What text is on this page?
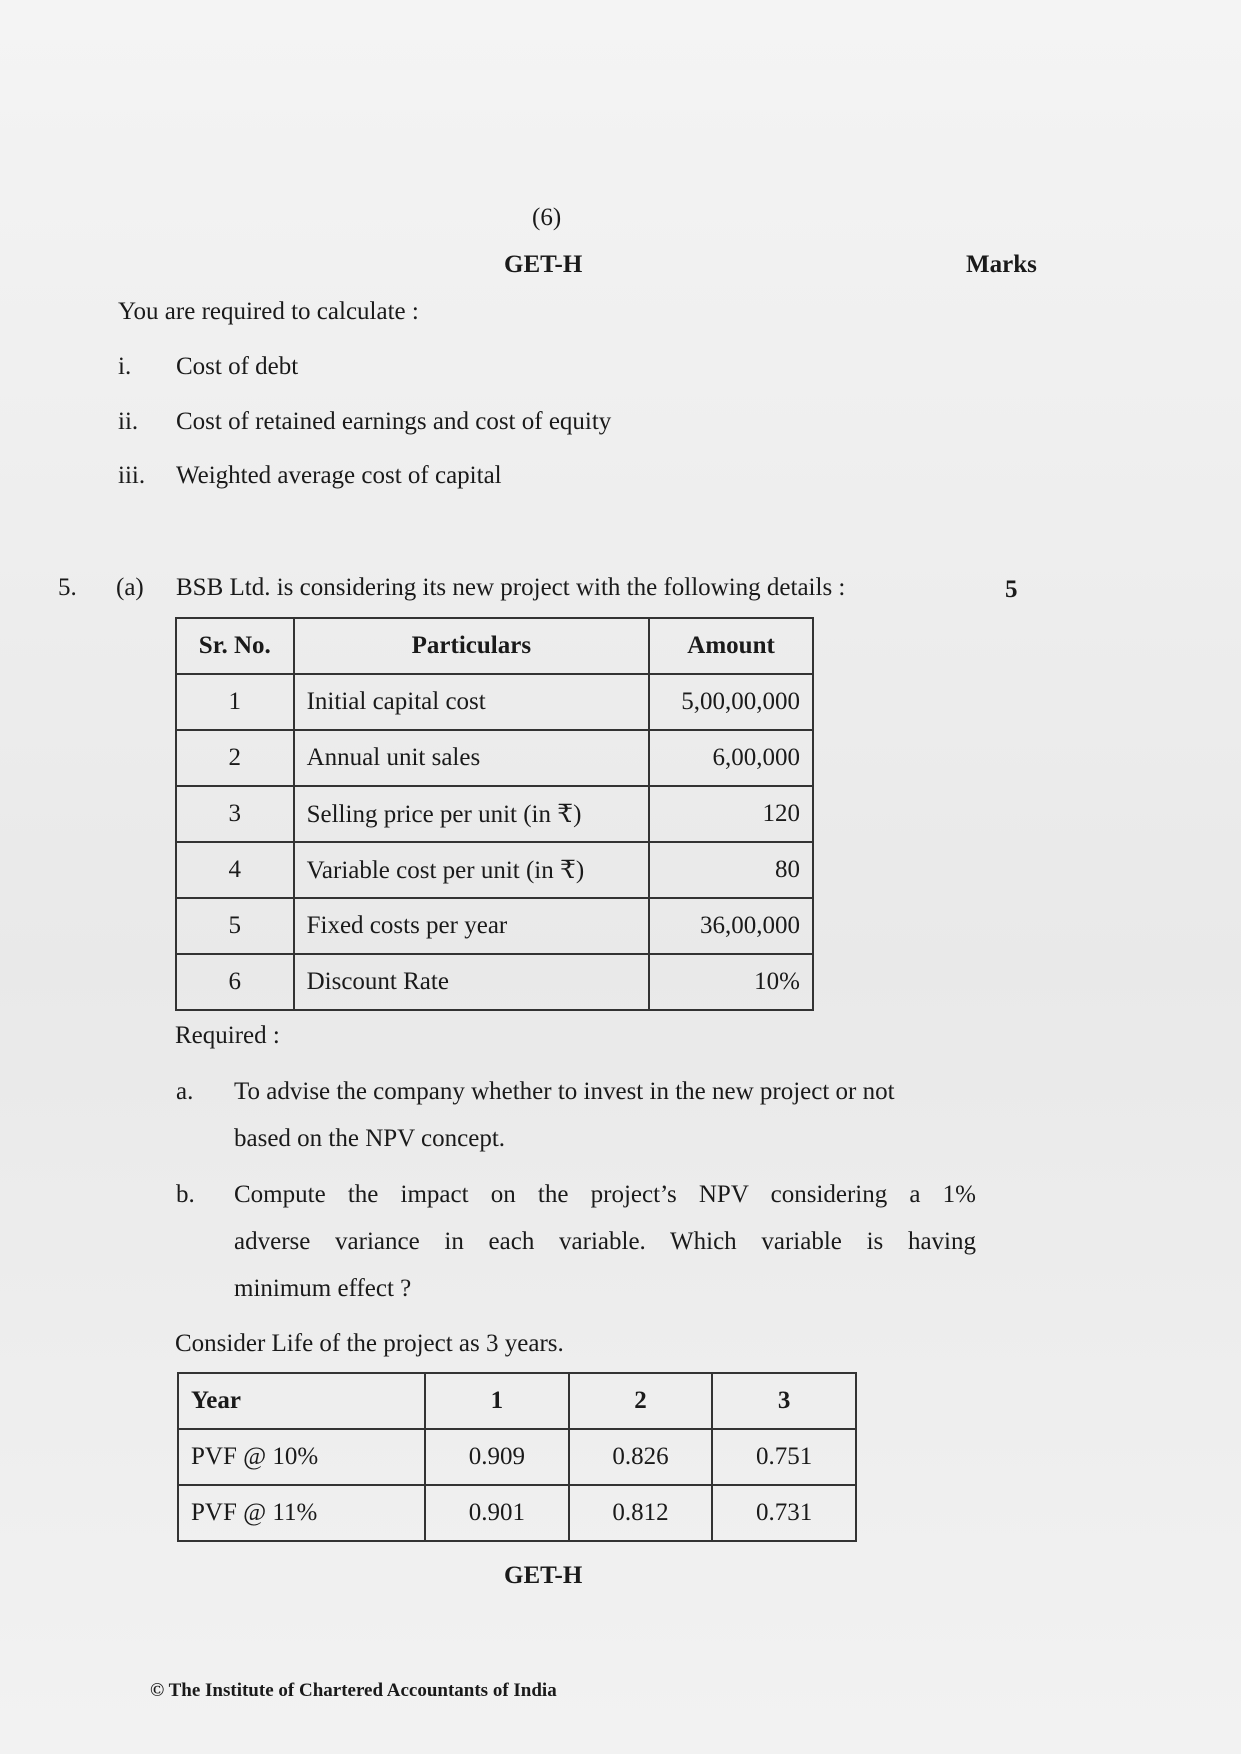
(6)
GET-H	Marks
You are required to calculate :
i. Cost of debt
ii. Cost of retained earnings and cost of equity
iii. Weighted average cost of capital
5. (a) BSB Ltd. is considering its new project with the following details :	5
Sr. No.	Particulars	Amount
1	Initial capital cost	5,00,00,000
2	Annual unit sales	6,00,000
3	Selling price per unit (in ₹)	120
4	Variable cost per unit (in ₹)	80
5	Fixed costs per year	36,00,000
6	Discount Rate	10%
Required :
a. To advise the company whether to invest in the new project or not
based on the NPV concept.
b. Compute the impact on the project’s NPV considering a 1%
adverse variance in each variable. Which variable is having
minimum effect ?
Consider Life of the project as 3 years.
Year	1	2	3
PVF @ 10%	0.909	0.826	0.751
PVF @ 11%	0.901	0.812	0.731
GET-H
© The Institute of Chartered Accountants of India
